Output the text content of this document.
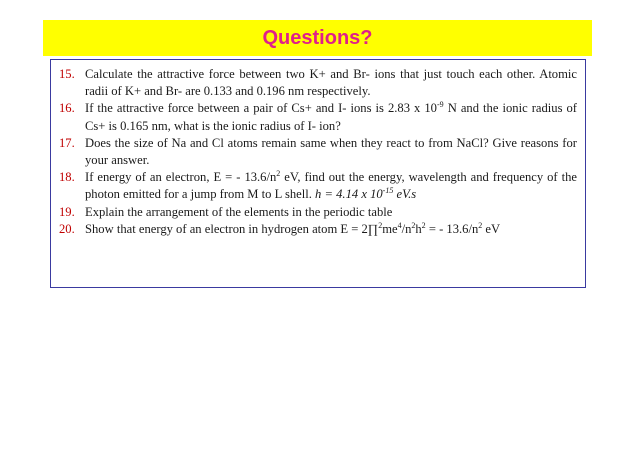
Questions?
15. Calculate the attractive force between two K+ and Br- ions that just touch each other. Atomic radii of K+ and Br- are 0.133 and 0.196 nm respectively.
16. If the attractive force between a pair of Cs+ and I- ions is 2.83 x $10^{-9}$ N and the ionic radius of Cs+ is 0.165 nm, what is the ionic radius of I- ion?
17. Does the size of Na and Cl atoms remain same when they react to from NaCl? Give reasons for your answer.
18. If energy of an electron, E = - $13.6/n^2$ eV, find out the energy, wavelength and frequency of the photon emitted for a jump from M to L shell. h = 4.14 x $10^{-15}$ eV.s
19. Explain the arrangement of the elements in the periodic table
20. Show that energy of an electron in hydrogen atom $E = 2\prod^2me^4/n^2h^2$ = - $13.6/n^2$ eV
